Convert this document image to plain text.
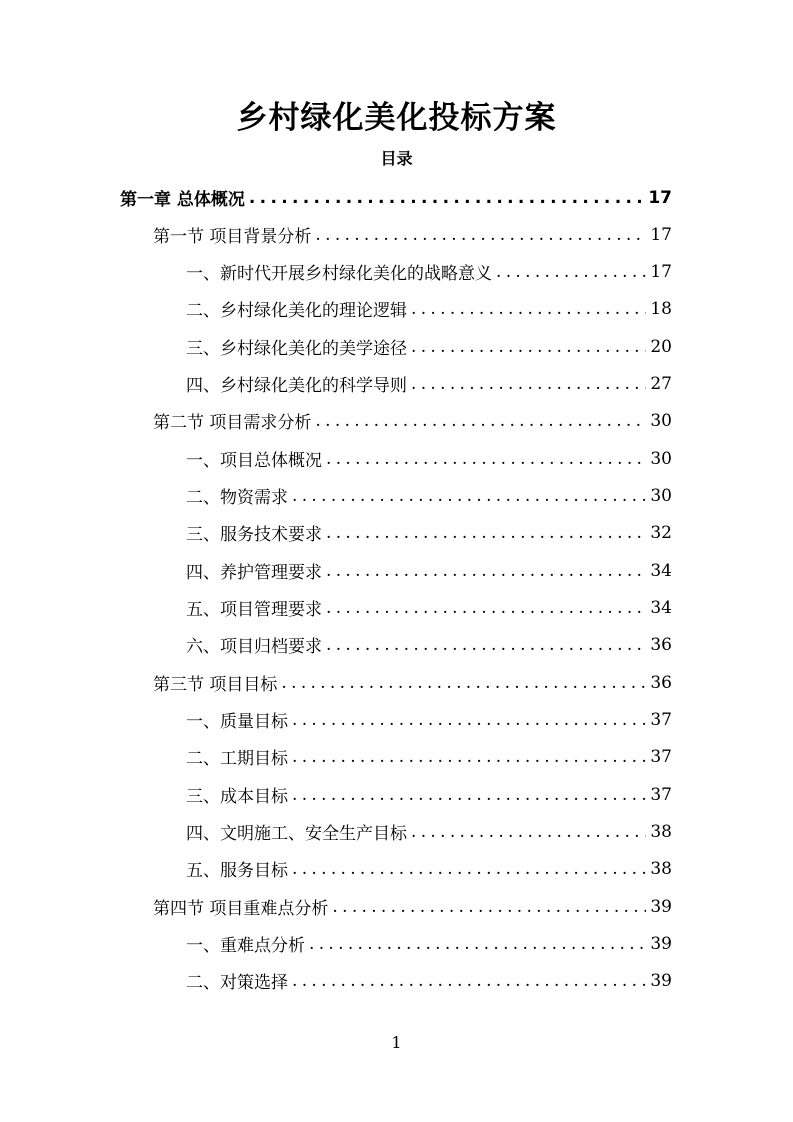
乡村绿化美化投标方案
目录
第一章 总体概况 .....	17
第一节 项目背景分析 .....	17
一、新时代开展乡村绿化美化的战略意义 .....	17
二、乡村绿化美化的理论逻辑 .....	18
三、乡村绿化美化的美学途径 .....	20
四、乡村绿化美化的科学导则 .....	27
第二节 项目需求分析 .....	30
一、项目总体概况 .....	30
二、物资需求 .....	30
三、服务技术要求 .....	32
四、养护管理要求 .....	34
五、项目管理要求 .....	34
六、项目归档要求 .....	36
第三节 项目目标 .....	36
一、质量目标 .....	37
二、工期目标 .....	37
三、成本目标 .....	37
四、文明施工、安全生产目标 .....	38
五、服务目标 .....	38
第四节 项目重难点分析 .....	39
一、重难点分析 .....	39
二、对策选择 .....	39
1
